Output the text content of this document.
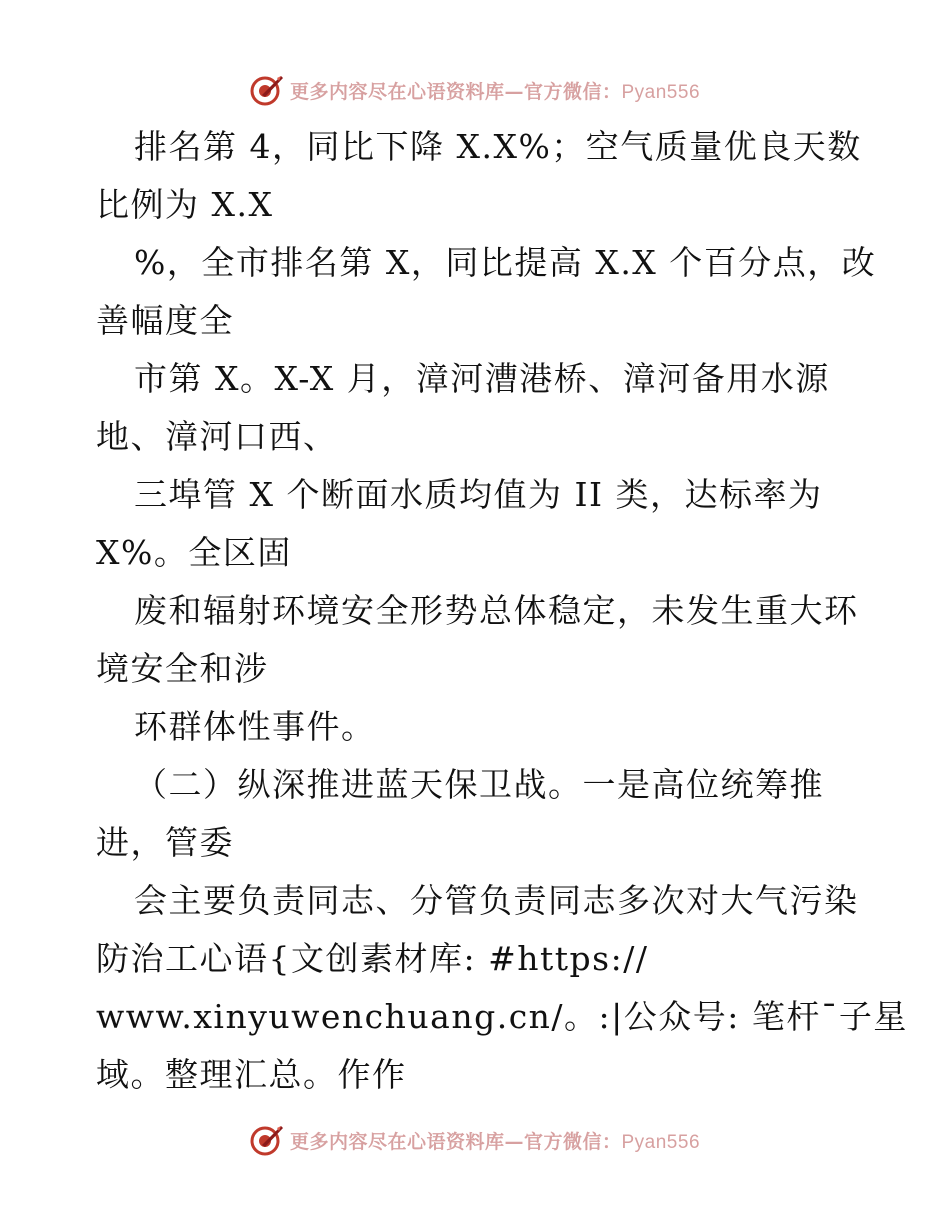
更多内容尽在心语资料库—官方微信：Pyan556
排名第 4，同比下降 X.X%；空气质量优良天数
比例为 X.X
%，全市排名第 X，同比提高 X.X 个百分点，改
善幅度全
市第 X。X-X 月，漳河漕港桥、漳河备用水源
地、漳河口西、
三埠管 X 个断面水质均值为 II 类，达标率为
X%。全区固
废和辐射环境安全形势总体稳定，未发生重大环
境安全和涉
环群体性事件。
（二）纵深推进蓝天保卫战。一是高位统筹推
进，管委
会主要负责同志、分管负责同志多次对大气污染
防治工心语{文创素材库: #https://
www.xinyuwenchuang.cn/。:|公众号: 笔杆¯子星
域。整理汇总。作作
更多内容尽在心语资料库—官方微信：Pyan556
